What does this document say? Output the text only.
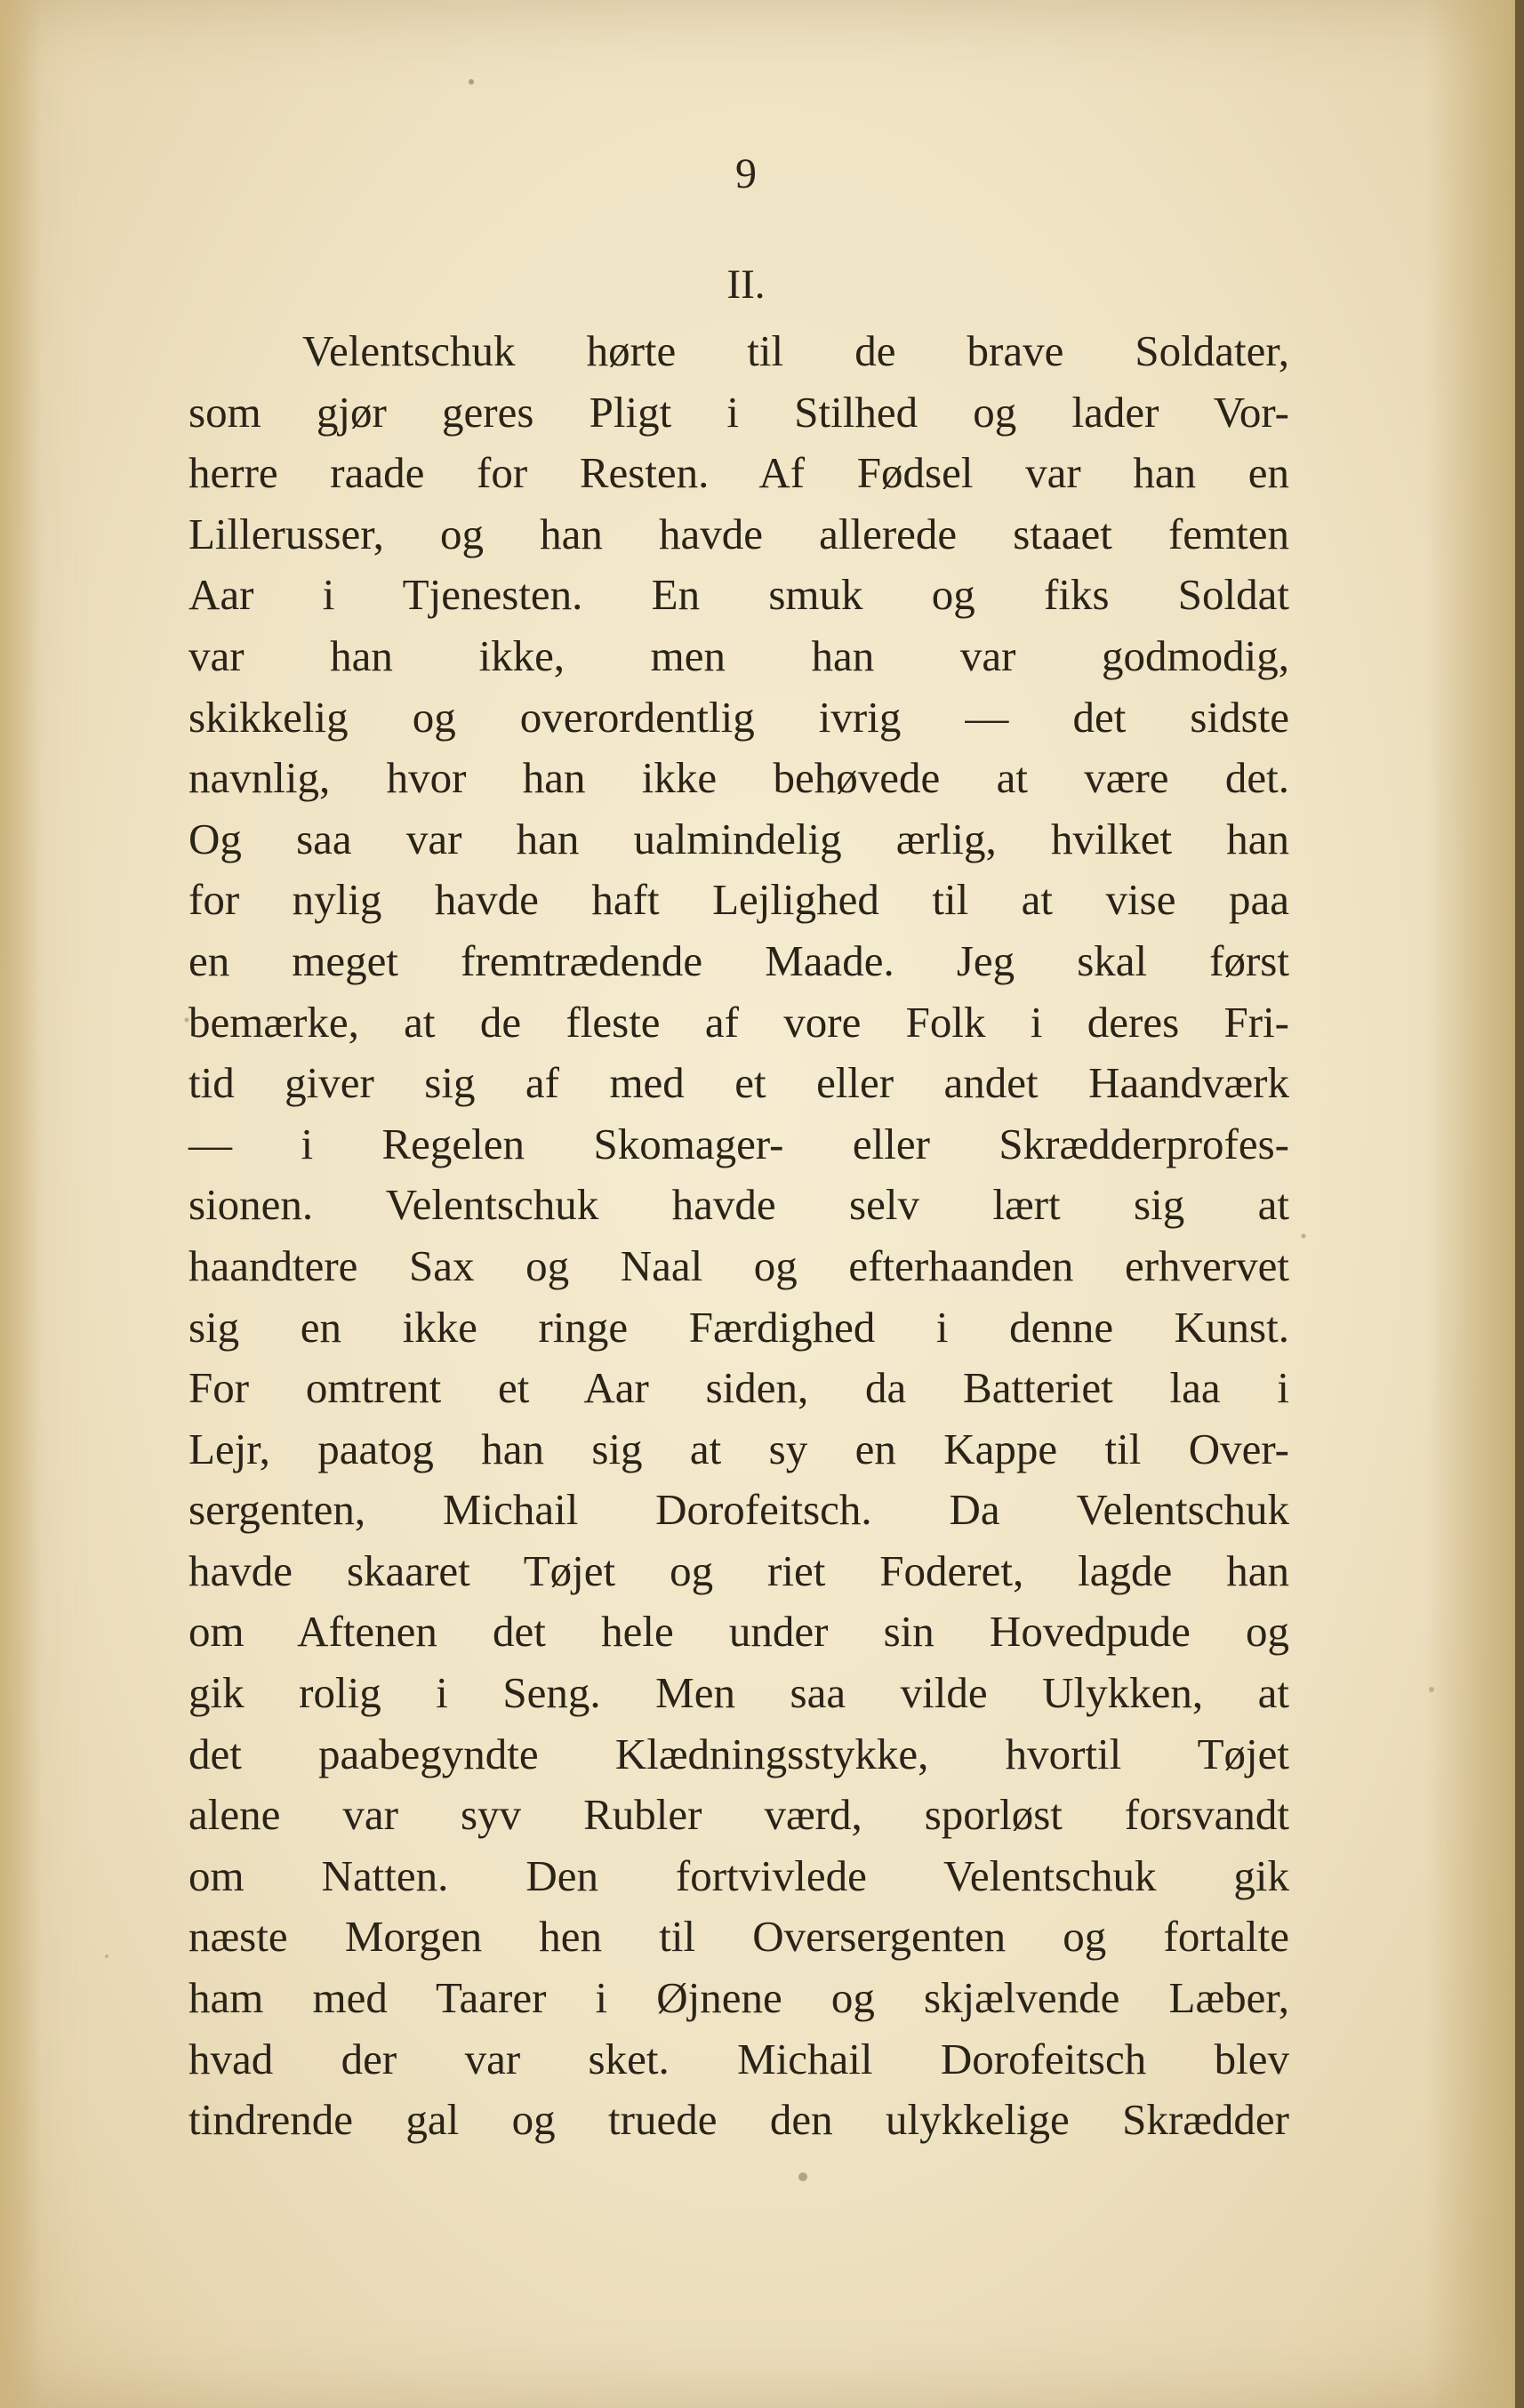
9
II.
Velentschuk hørte til de brave Soldater,
som gjør geres Pligt i Stilhed og lader Vor-
herre raade for Resten. Af Fødsel var han en
Lillerusser, og han havde allerede staaet femten
Aar i Tjenesten. En smuk og fiks Soldat
var han ikke, men han var godmodig,
skikkelig og overordentlig ivrig — det sidste
navnlig, hvor han ikke behøvede at være det.
Og saa var han ualmindelig ærlig, hvilket han
for nylig havde haft Lejlighed til at vise paa
en meget fremtrædende Maade. Jeg skal først
bemærke, at de fleste af vore Folk i deres Fri-
tid giver sig af med et eller andet Haandværk
— i Regelen Skomager- eller Skrædderprofes-
sionen. Velentschuk havde selv lært sig at
haandtere Sax og Naal og efterhaanden erhvervet
sig en ikke ringe Færdighed i denne Kunst.
For omtrent et Aar siden, da Batteriet laa i
Lejr, paatog han sig at sy en Kappe til Over-
sergenten, Michail Dorofeitsch. Da Velentschuk
havde skaaret Tøjet og riet Foderet, lagde han
om Aftenen det hele under sin Hovedpude og
gik rolig i Seng. Men saa vilde Ulykken, at
det paabegyndte Klædningsstykke, hvortil Tøjet
alene var syv Rubler værd, sporløst forsvandt
om Natten. Den fortvivlede Velentschuk gik
næste Morgen hen til Oversergenten og fortalte
ham med Taarer i Øjnene og skjælvende Læber,
hvad der var sket. Michail Dorofeitsch blev
tindrende gal og truede den ulykkelige Skrædder
